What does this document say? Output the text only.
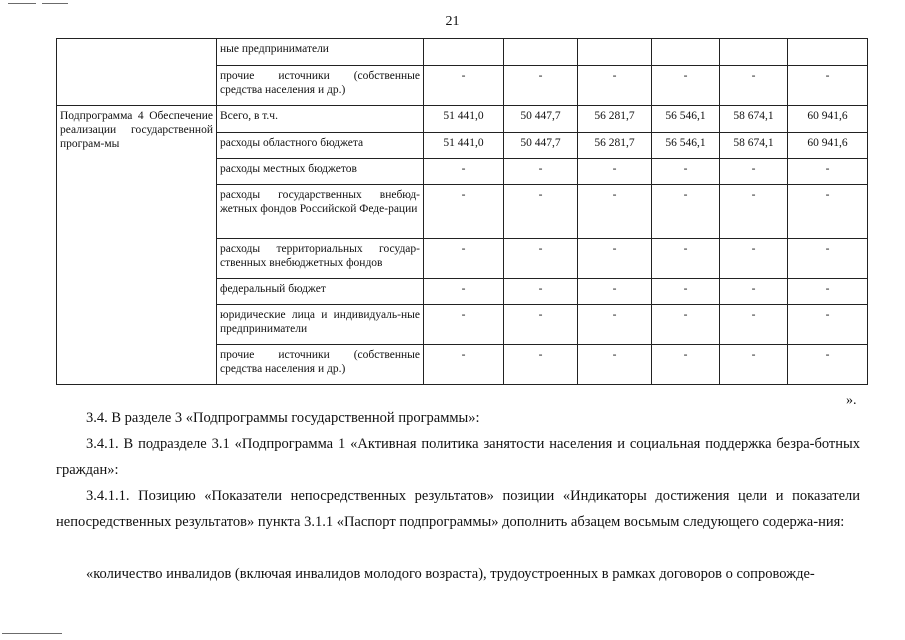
21
	ные предприниматели						
	прочие источники (собственные средства населения и др.)	-	-	-	-	-	-
Подпрограмма 4 Обеспечение реализации государственной програм-мы	Всего, в т.ч.	51 441,0	50 447,7	56 281,7	56 546,1	58 674,1	60 941,6
	расходы областного бюджета	51 441,0	50 447,7	56 281,7	56 546,1	58 674,1	60 941,6
	расходы местных бюджетов	-	-	-	-	-	-
	расходы государственных внебюд-жетных фондов Российской Феде-рации	-	-	-	-	-	-
	расходы территориальных государ-ственных внебюджетных фондов	-	-	-	-	-	-
	федеральный бюджет	-	-	-	-	-	-
	юридические лица и индивидуаль-ные предприниматели	-	-	-	-	-	-
	прочие источники (собственные средства населения и др.)	-	-	-	-	-	-
».
3.4. В разделе 3 «Подпрограммы государственной программы»:
3.4.1. В подразделе 3.1 «Подпрограмма 1 «Активная политика занятости населения и социальная поддержка безра-ботных граждан»:
3.4.1.1. Позицию «Показатели непосредственных результатов» позиции «Индикаторы достижения цели и показатели непосредственных результатов» пункта 3.1.1 «Паспорт подпрограммы» дополнить абзацем восьмым следующего содержа-ния:
«количество инвалидов (включая инвалидов молодого возраста), трудоустроенных в рамках договоров о сопровожде-
